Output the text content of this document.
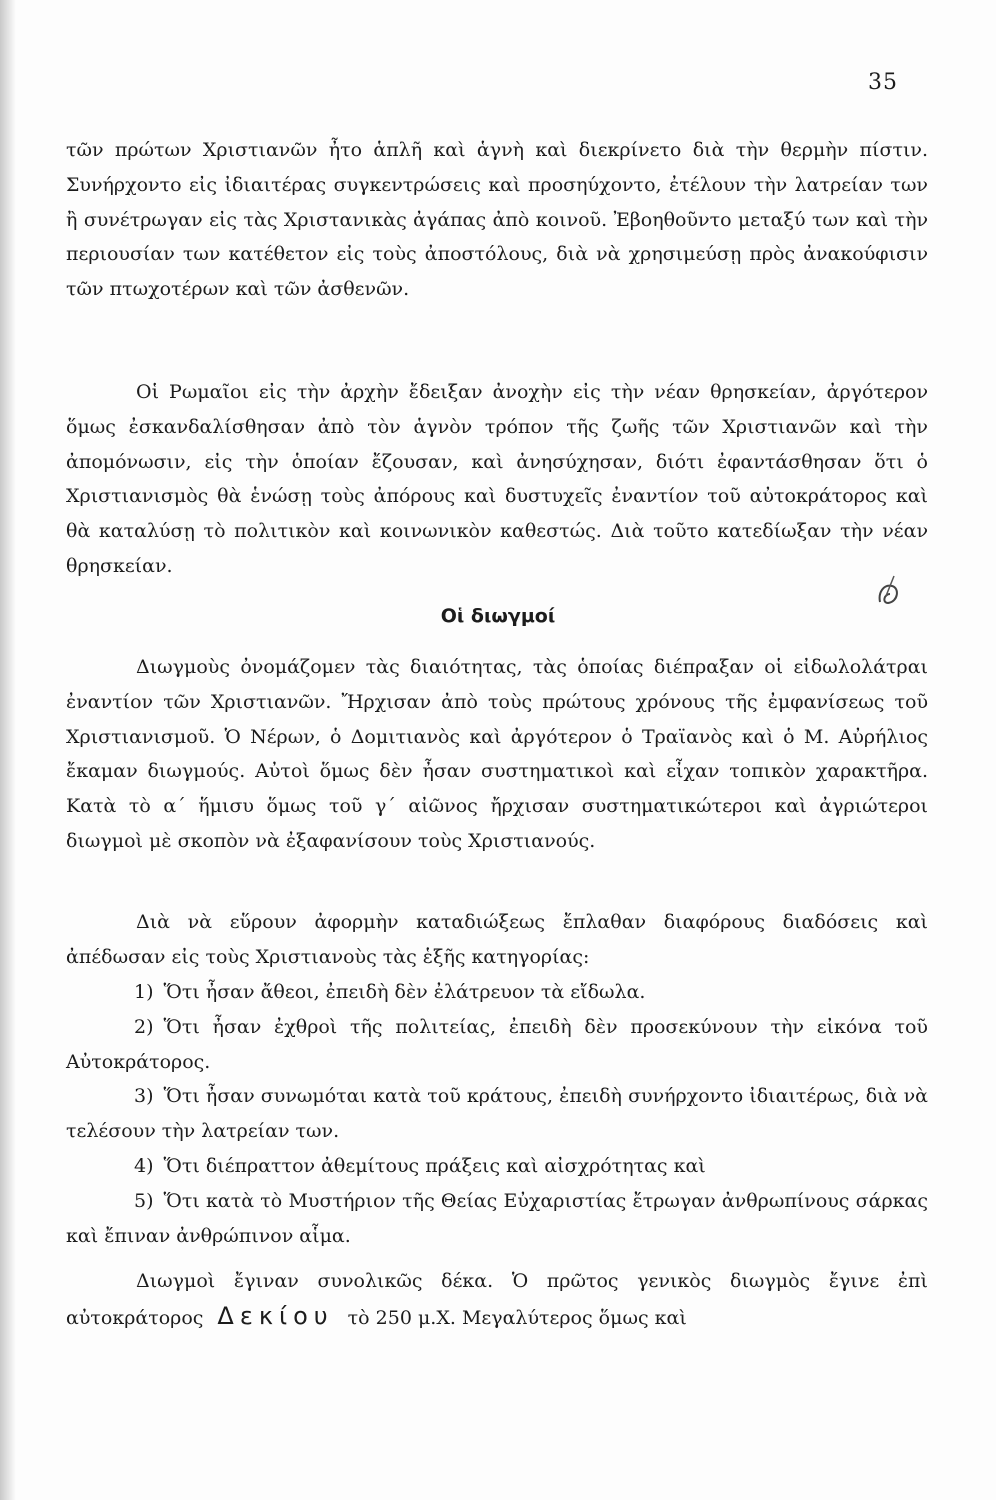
35
τῶν πρώτων Χριστιανῶν ἦτο ἁπλῆ καὶ ἁγνὴ καὶ διεκρίνετο διὰ τὴν θερμὴν πίστιν. Συνήρχοντο εἰς ἰδιαιτέρας συγκεντρώσεις καὶ προσηύχοντο, ἐτέλουν τὴν λατρείαν των ἢ συνέτρωγαν εἰς τὰς Χριστανικὰς ἀγάπας ἀπὸ κοινοῦ. Ἐβοηθοῦντο μεταξύ των καὶ τὴν περιουσίαν των κατέθετον εἰς τοὺς ἀποστόλους, διὰ νὰ χρησιμεύσῃ πρὸς ἀνακούφισιν τῶν πτωχοτέρων καὶ τῶν ἀσθενῶν.
Οἱ Ρωμαῖοι εἰς τὴν ἀρχὴν ἔδειξαν ἀνοχὴν εἰς τὴν νέαν θρησκείαν, ἀργότερον ὅμως ἐσκανδαλίσθησαν ἀπὸ τὸν ἁγνὸν τρόπον τῆς ζωῆς τῶν Χριστιανῶν καὶ τὴν ἀπομόνωσιν, εἰς τὴν ὁποίαν ἔζουσαν, καὶ ἀνησύχησαν, διότι ἐφαντάσθησαν ὅτι ὁ Χριστιανισμὸς θὰ ἑνώσῃ τοὺς ἀπόρους καὶ δυστυχεῖς ἐναντίον τοῦ αὐτοκράτορος καὶ θὰ καταλύσῃ τὸ πολιτικὸν καὶ κοινωνικὸν καθεστώς. Διὰ τοῦτο κατεδίωξαν τὴν νέαν θρησκείαν.
Οἱ διωγμοί
Διωγμοὺς ὀνομάζομεν τὰς διαιότητας, τὰς ὁποίας διέπραξαν οἱ εἰδωλολάτραι ἐναντίον τῶν Χριστιανῶν. Ἤρχισαν ἀπὸ τοὺς πρώτους χρόνους τῆς ἐμφανίσεως τοῦ Χριστιανισμοῦ. Ὁ Νέρων, ὁ Δομιτιανὸς καὶ ἀργότερον ὁ Τραϊανὸς καὶ ὁ Μ. Αὐρήλιος ἔκαμαν διωγμούς. Αὐτοὶ ὅμως δὲν ἦσαν συστηματικοὶ καὶ εἶχαν τοπικὸν χαρακτῆρα. Κατὰ τὸ α΄ ἥμισυ ὅμως τοῦ γ΄ αἰῶνος ἤρχισαν συστηματικώτεροι καὶ ἀγριώτεροι διωγμοὶ μὲ σκοπὸν νὰ ἐξαφανίσουν τοὺς Χριστιανούς.
Διὰ νὰ εὕρουν ἀφορμὴν καταδιώξεως ἔπλαθαν διαφόρους διαδόσεις καὶ ἀπέδωσαν εἰς τοὺς Χριστιανοὺς τὰς ἑξῆς κατηγορίας:
1) Ὅτι ἦσαν ἄθεοι, ἐπειδὴ δὲν ἐλάτρευον τὰ εἴδωλα.
2) Ὅτι ἦσαν ἐχθροὶ τῆς πολιτείας, ἐπειδὴ δὲν προσεκύνουν τὴν εἰκόνα τοῦ Αὐτοκράτορος.
3) Ὅτι ἦσαν συνωμόται κατὰ τοῦ κράτους, ἐπειδὴ συνήρχοντο ἰδιαιτέρως, διὰ νὰ τελέσουν τὴν λατρείαν των.
4) Ὅτι διέπραττον ἀθεμίτους πράξεις καὶ αἰσχρότητας καὶ
5) Ὅτι κατὰ τὸ Μυστήριον τῆς Θείας Εὐχαριστίας ἔτρωγαν ἀνθρωπίνους σάρκας καὶ ἔπιναν ἀνθρώπινον αἷμα.
Διωγμοὶ ἔγιναν συνολικῶς δέκα. Ὁ πρῶτος γενικὸς διωγμὸς ἔγινε ἐπὶ αὐτοκράτορος Δεκίου τὸ 250 μ.Χ. Μεγαλύτερος ὅμως καὶ
